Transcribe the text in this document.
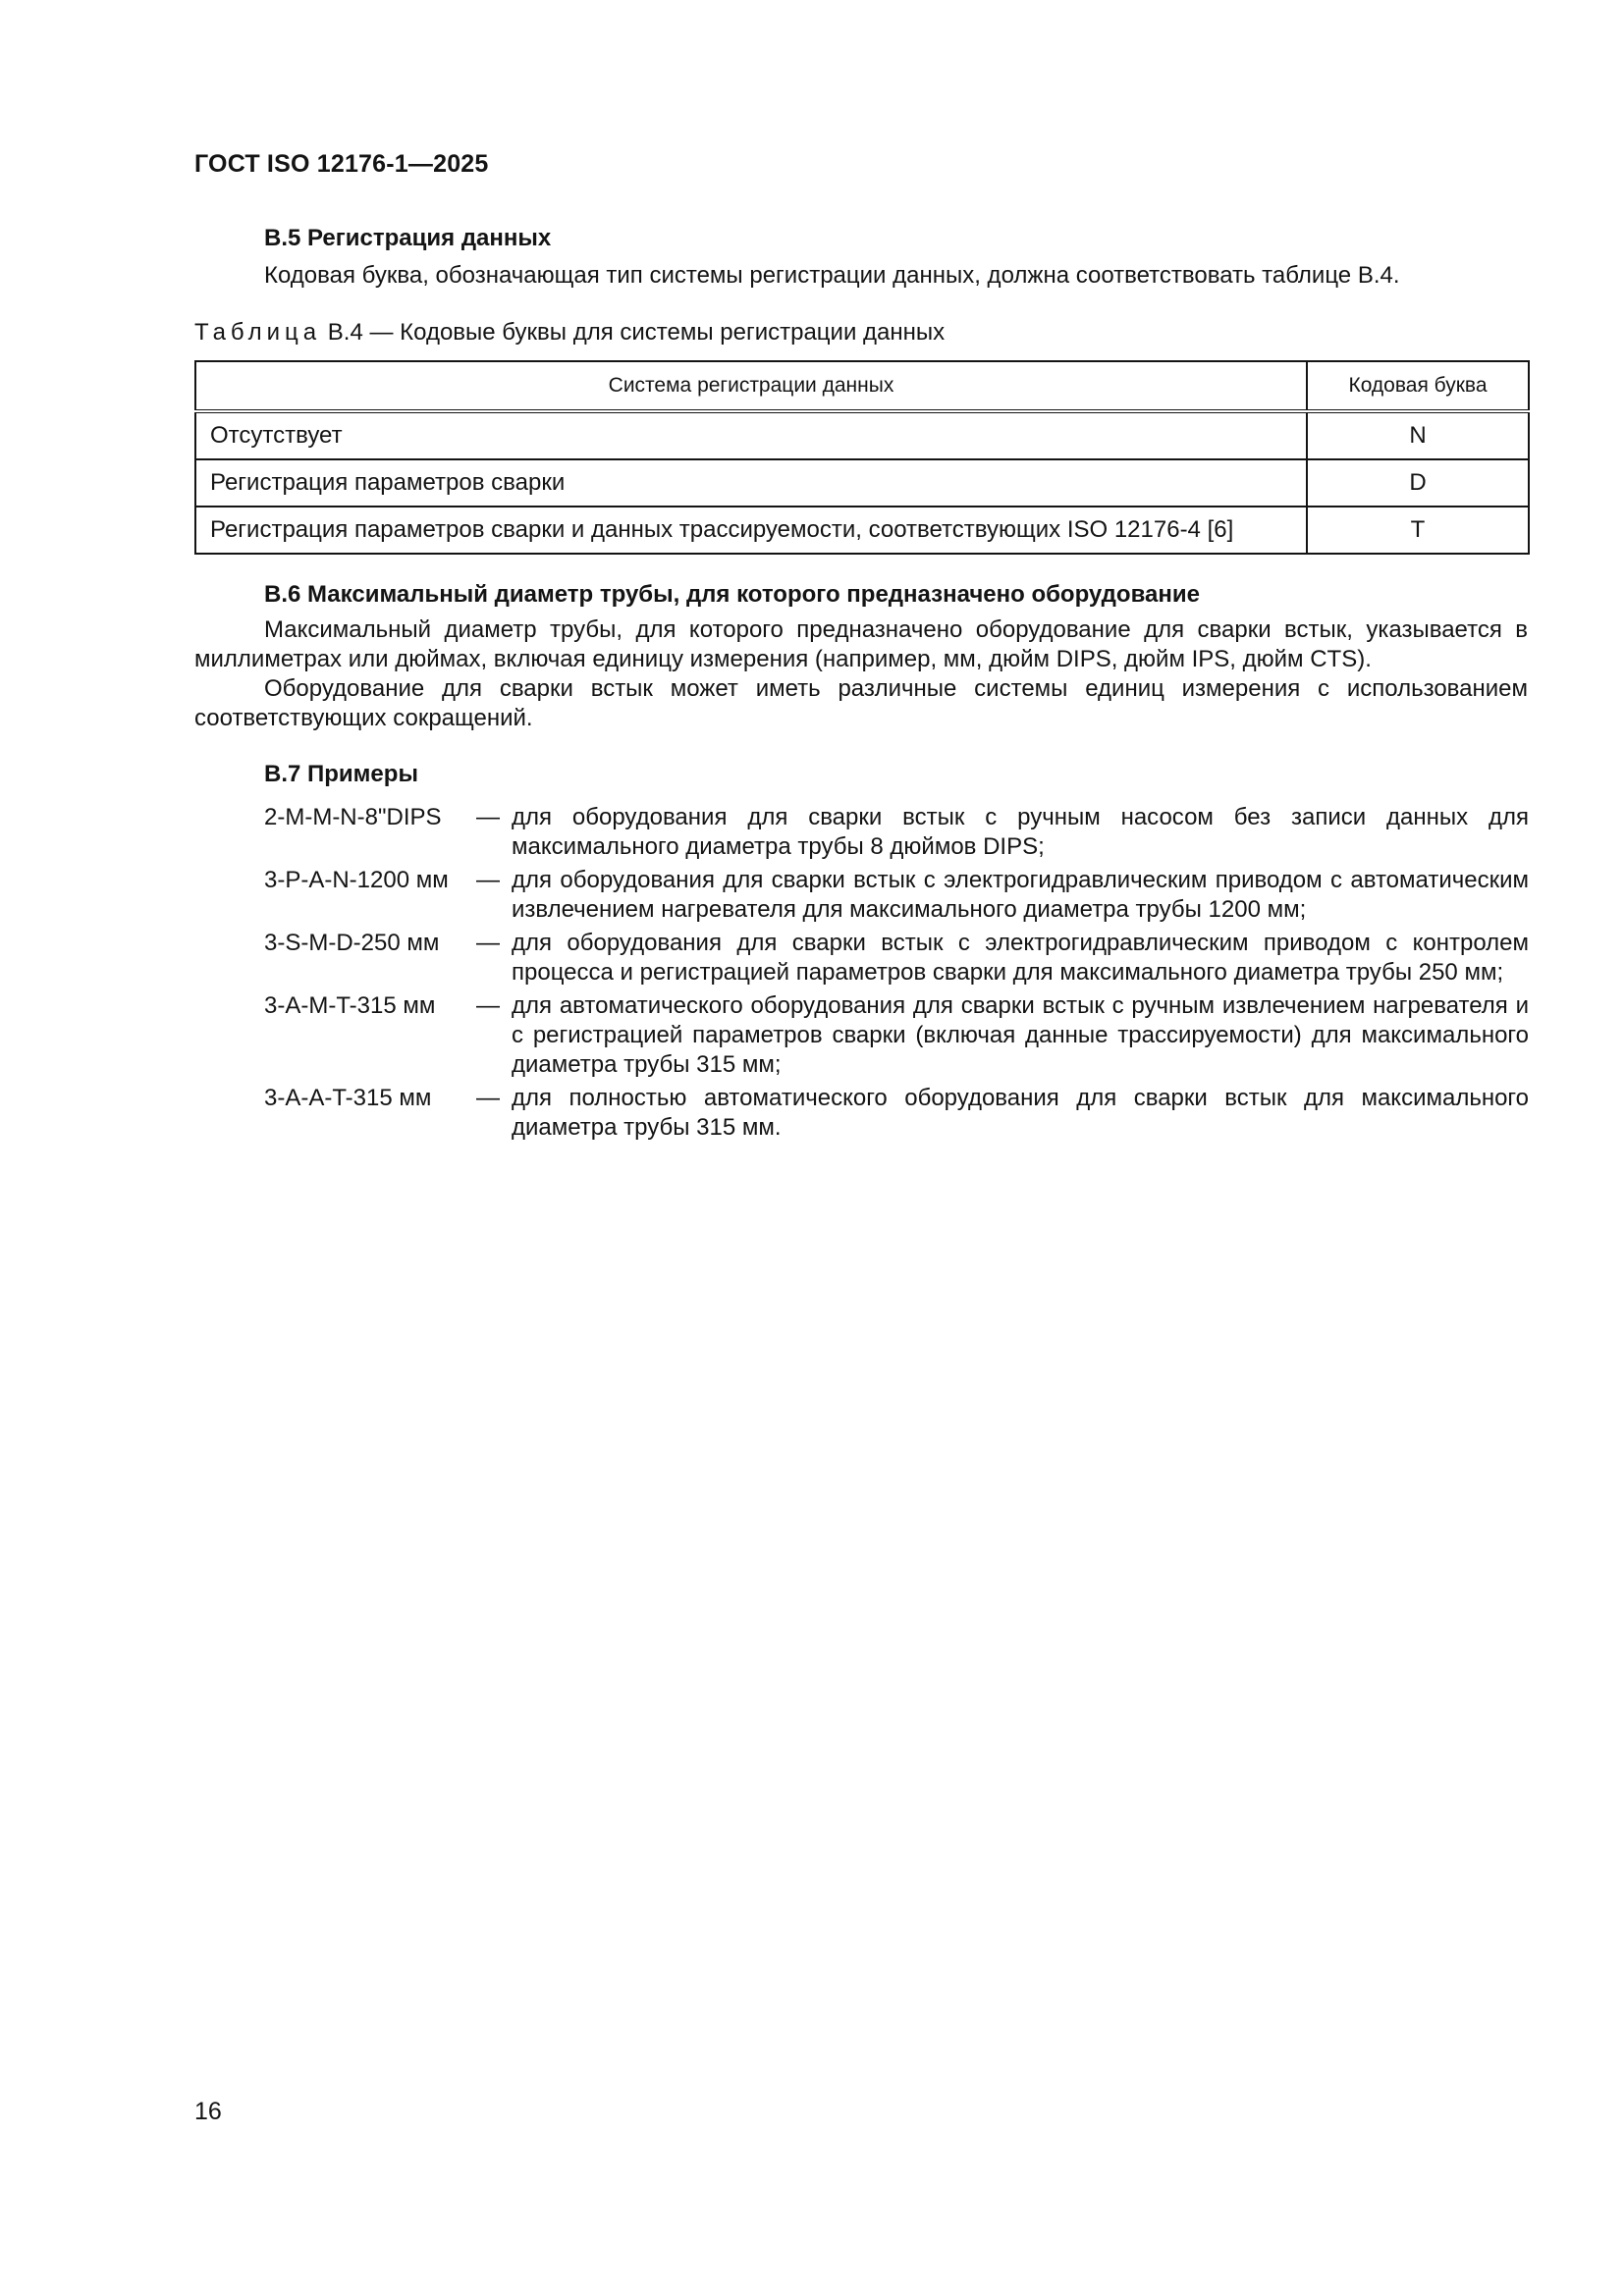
ГОСТ ISO 12176-1—2025

В.5 Регистрация данных

Кодовая буква, обозначающая тип системы регистрации данных, должна соответствовать таблице В.4.

Таблица В.4 — Кодовые буквы для системы регистрации данных
Система регистрации данных	Кодовая буква
Отсутствует	N
Регистрация параметров сварки	D
Регистрация параметров сварки и данных трассируемости, соответствующих ISO 12176-4 [6]	T

В.6 Максимальный диаметр трубы, для которого предназначено оборудование

Максимальный диаметр трубы, для которого предназначено оборудование для сварки встык, указывается в миллиметрах или дюймах, включая единицу измерения (например, мм, дюйм DIPS, дюйм IPS, дюйм CTS).

Оборудование для сварки встык может иметь различные системы единиц измерения с использованием соответствующих сокращений.

В.7 Примеры

2-M-M-N-8"DIPS	— для оборудования для сварки встык с ручным насосом без записи данных для максимального диаметра трубы 8 дюймов DIPS;
3-P-A-N-1200 мм	— для оборудования для сварки встык с электрогидравлическим приводом с автоматическим извлечением нагревателя для максимального диаметра трубы 1200 мм;
3-S-M-D-250 мм	— для оборудования для сварки встык с электрогидравлическим приводом с контролем процесса и регистрацией параметров сварки для максимального диаметра трубы 250 мм;
3-A-M-T-315 мм	— для автоматического оборудования для сварки встык с ручным извлечением нагревателя и с регистрацией параметров сварки (включая данные трассируемости) для максимального диаметра трубы 315 мм;
3-A-A-T-315 мм	— для полностью автоматического оборудования для сварки встык для максимального диаметра трубы 315 мм.
16
